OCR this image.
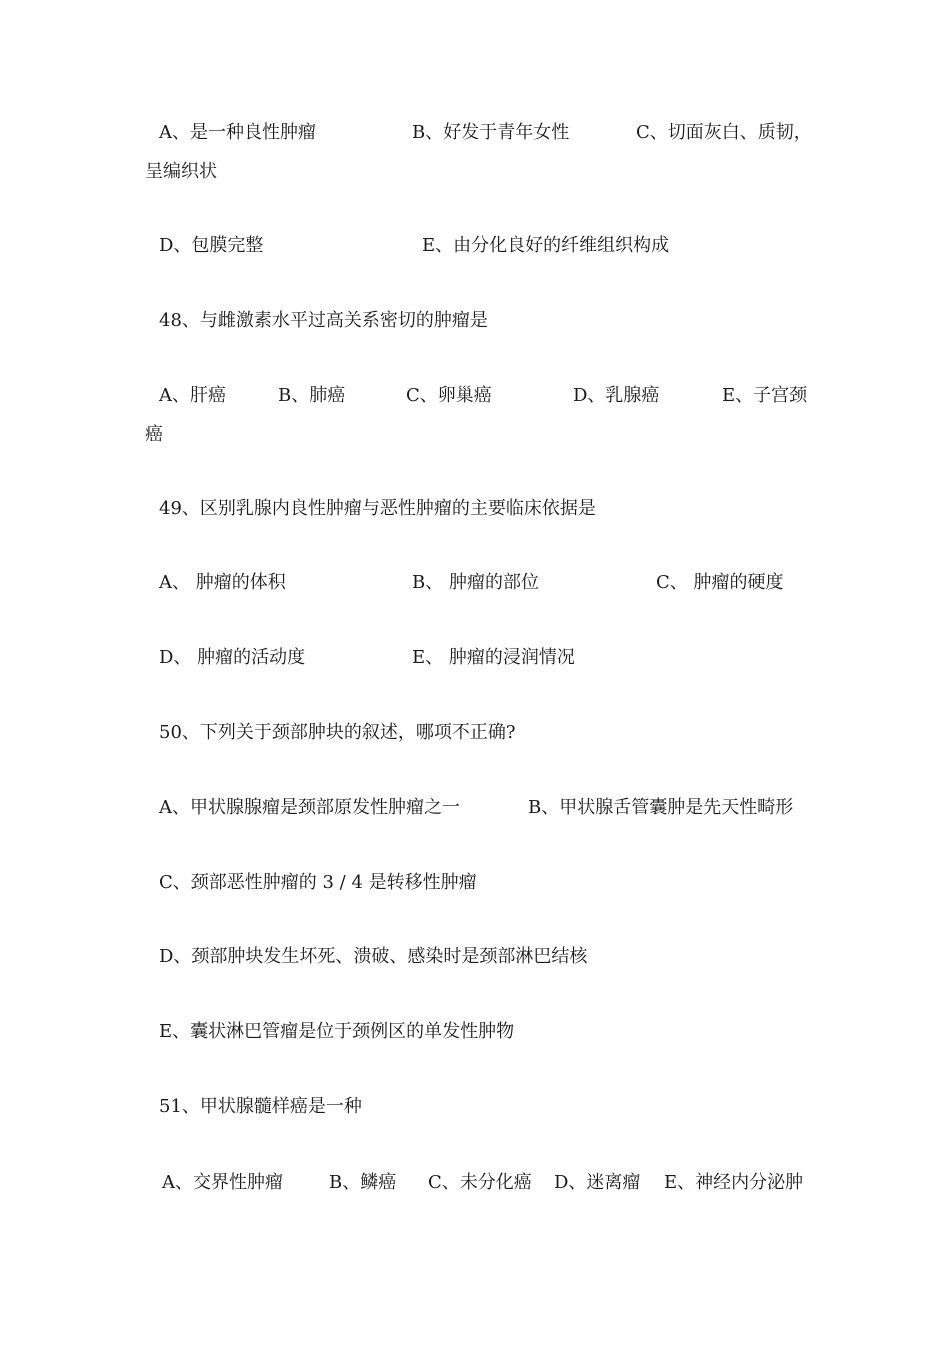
A、是一种良性肿瘤	B、好发于青年女性	C、切面灰白、质韧，
呈编织状
D、包膜完整	E、由分化良好的纤维组织构成
48、与雌激素水平过高关系密切的肿瘤是
A、肝癌	B、肺癌	C、卵巢癌	D、乳腺癌	E、子宫颈
癌
49、区别乳腺内良性肿瘤与恶性肿瘤的主要临床依据是
A、 肿瘤的体积	B、 肿瘤的部位	C、 肿瘤的硬度
D、 肿瘤的活动度	E、 肿瘤的浸润情况
50、下列关于颈部肿块的叙述，哪项不正确?
A、甲状腺腺瘤是颈部原发性肿瘤之一	B、甲状腺舌管囊肿是先天性畸形
C、颈部恶性肿瘤的 3 / 4 是转移性肿瘤
D、颈部肿块发生坏死、溃破、感染时是颈部淋巴结核
E、囊状淋巴管瘤是位于颈例区的单发性肿物
51、甲状腺髓样癌是一种
A、交界性肿瘤	B、鳞癌 C、未分化癌 D、迷离瘤 E、神经内分泌肿
